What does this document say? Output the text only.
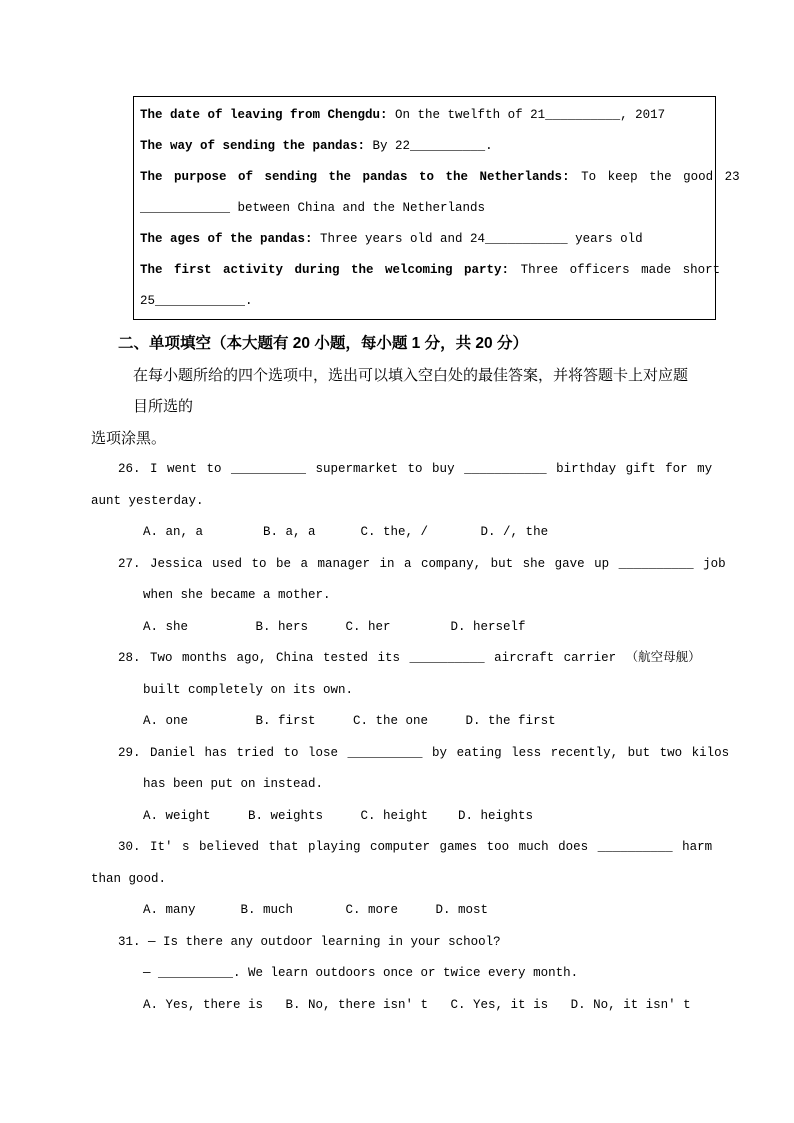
The date of leaving from Chengdu: On the twelfth of 21__________, 2017
The way of sending the pandas: By 22__________.
The purpose of sending the pandas to the Netherlands: To keep the good 23
____________ between China and the Netherlands
The ages of the pandas: Three years old and 24___________ years old
The first activity during the welcoming party: Three officers made short
25____________.
二、单项填空（本大题有 20 小题，每小题 1 分，共 20 分）
在每小题所给的四个选项中，选出可以填入空白处的最佳答案，并将答题卡上对应题
目所选的
选项涂黑。
26. I went to __________ supermarket to buy ___________ birthday gift for my
aunt yesterday.
A. an, a        B. a, a      C. the, /       D. /, the
27. Jessica used to be a manager in a company, but she gave up __________ job
when she became a mother.
A. she         B. hers     C. her        D. herself
28. Two months ago, China tested its __________ aircraft carrier （航空母舰）
built completely on its own.
A. one         B. first     C. the one     D. the first
29. Daniel has tried to lose __________ by eating less recently, but two kilos
has been put on instead.
A. weight     B. weights     C. height    D. heights
30. It' s believed that playing computer games too much does __________ harm
than good.
A. many      B. much       C. more     D. most
31. — Is there any outdoor learning in your school?
— __________. We learn outdoors once or twice every month.
A. Yes, there is   B. No, there isn' t   C. Yes, it is   D. No, it isn' t
